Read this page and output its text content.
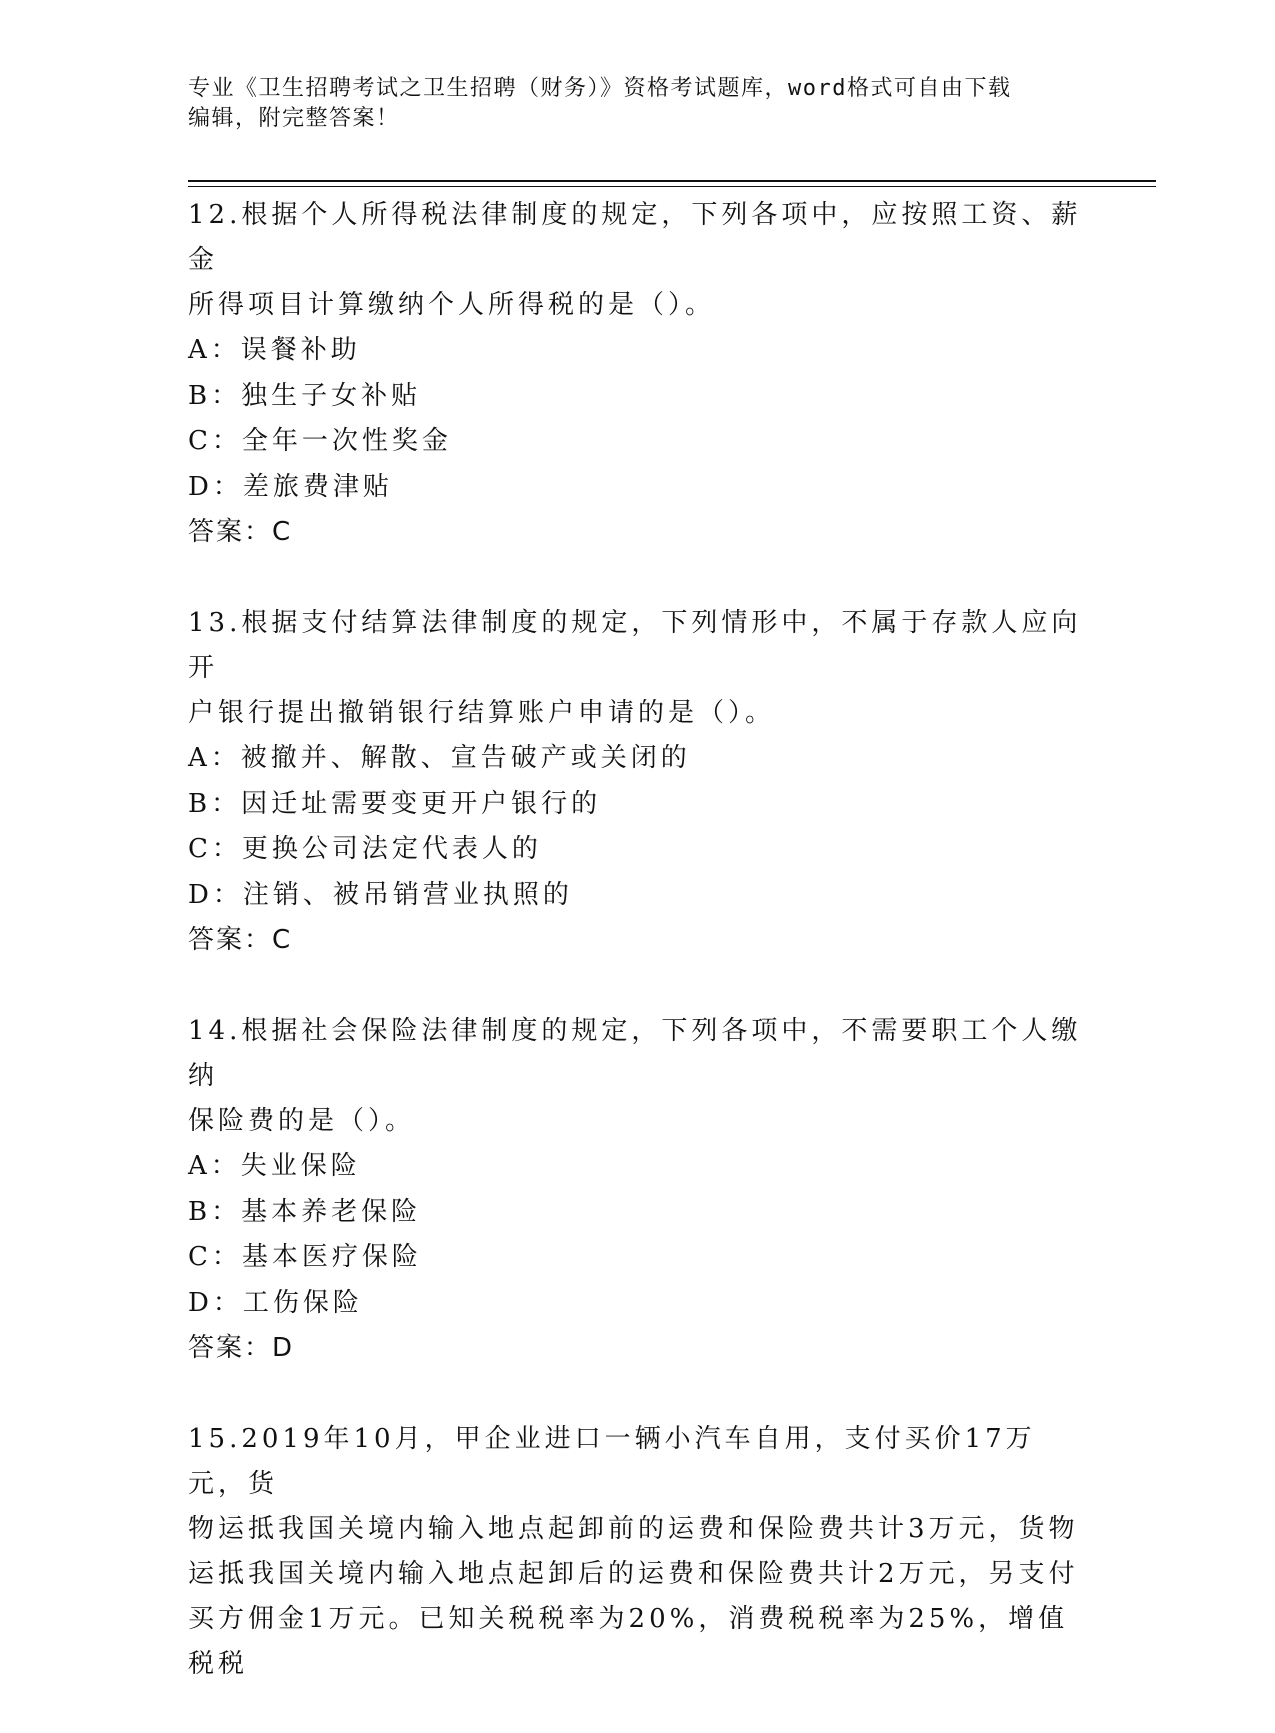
专业《卫生招聘考试之卫生招聘（财务）》资格考试题库，word格式可自由下载
编辑，附完整答案！
12.根据个人所得税法律制度的规定，下列各项中，应按照工资、薪金
所得项目计算缴纳个人所得税的是（）。
A：误餐补助
B：独生子女补贴
C：全年一次性奖金
D：差旅费津贴
答案：C
13.根据支付结算法律制度的规定，下列情形中，不属于存款人应向开
户银行提出撤销银行结算账户申请的是（）。
A：被撤并、解散、宣告破产或关闭的
B：因迁址需要变更开户银行的
C：更换公司法定代表人的
D：注销、被吊销营业执照的
答案：C
14.根据社会保险法律制度的规定，下列各项中，不需要职工个人缴纳
保险费的是（）。
A：失业保险
B：基本养老保险
C：基本医疗保险
D：工伤保险
答案：D
15.2019年10月，甲企业进口一辆小汽车自用，支付买价17万元，货
物运抵我国关境内输入地点起卸前的运费和保险费共计3万元，货物
运抵我国关境内输入地点起卸后的运费和保险费共计2万元，另支付
买方佣金1万元。已知关税税率为20%，消费税税率为25%，增值税税
